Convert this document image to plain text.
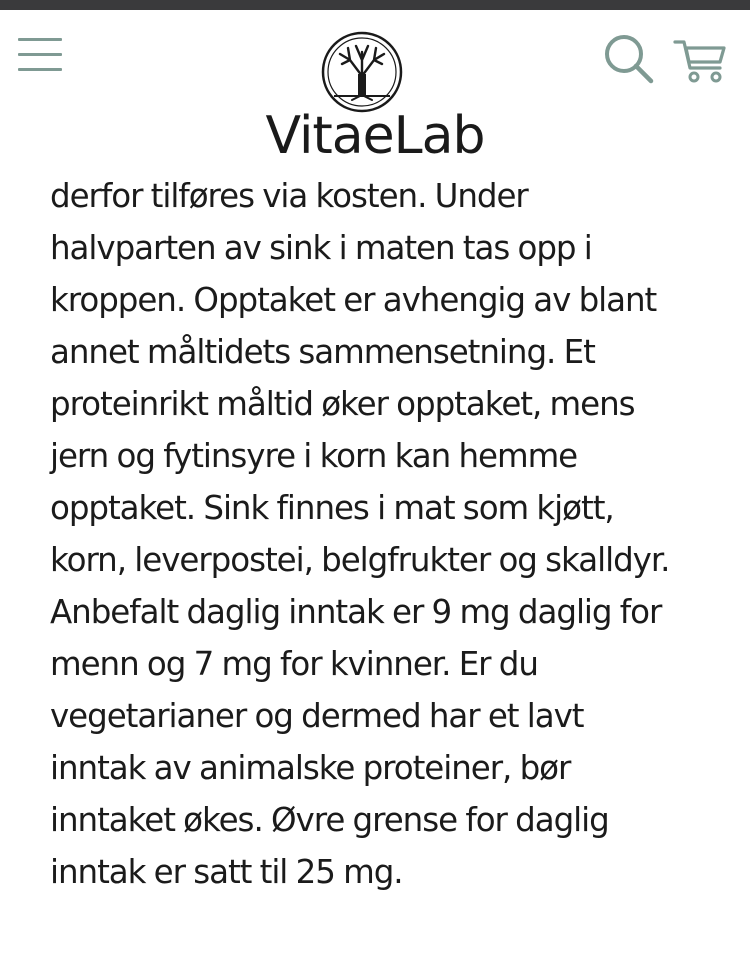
VitaeLab

derfor tilføres via kosten. Under
halvparten av sink i maten tas opp i
kroppen. Opptaket er avhengig av blant
annet måltidets sammensetning. Et
proteinrikt måltid øker opptaket, mens
jern og fytinsyre i korn kan hemme
opptaket. Sink finnes i mat som kjøtt,
korn, leverpostei, belgfrukter og skalldyr.
Anbefalt daglig inntak er 9 mg daglig for
menn og 7 mg for kvinner. Er du
vegetarianer og dermed har et lavt
inntak av animalske proteiner, bør
inntaket økes. Øvre grense for daglig
inntak er satt til 25 mg.
